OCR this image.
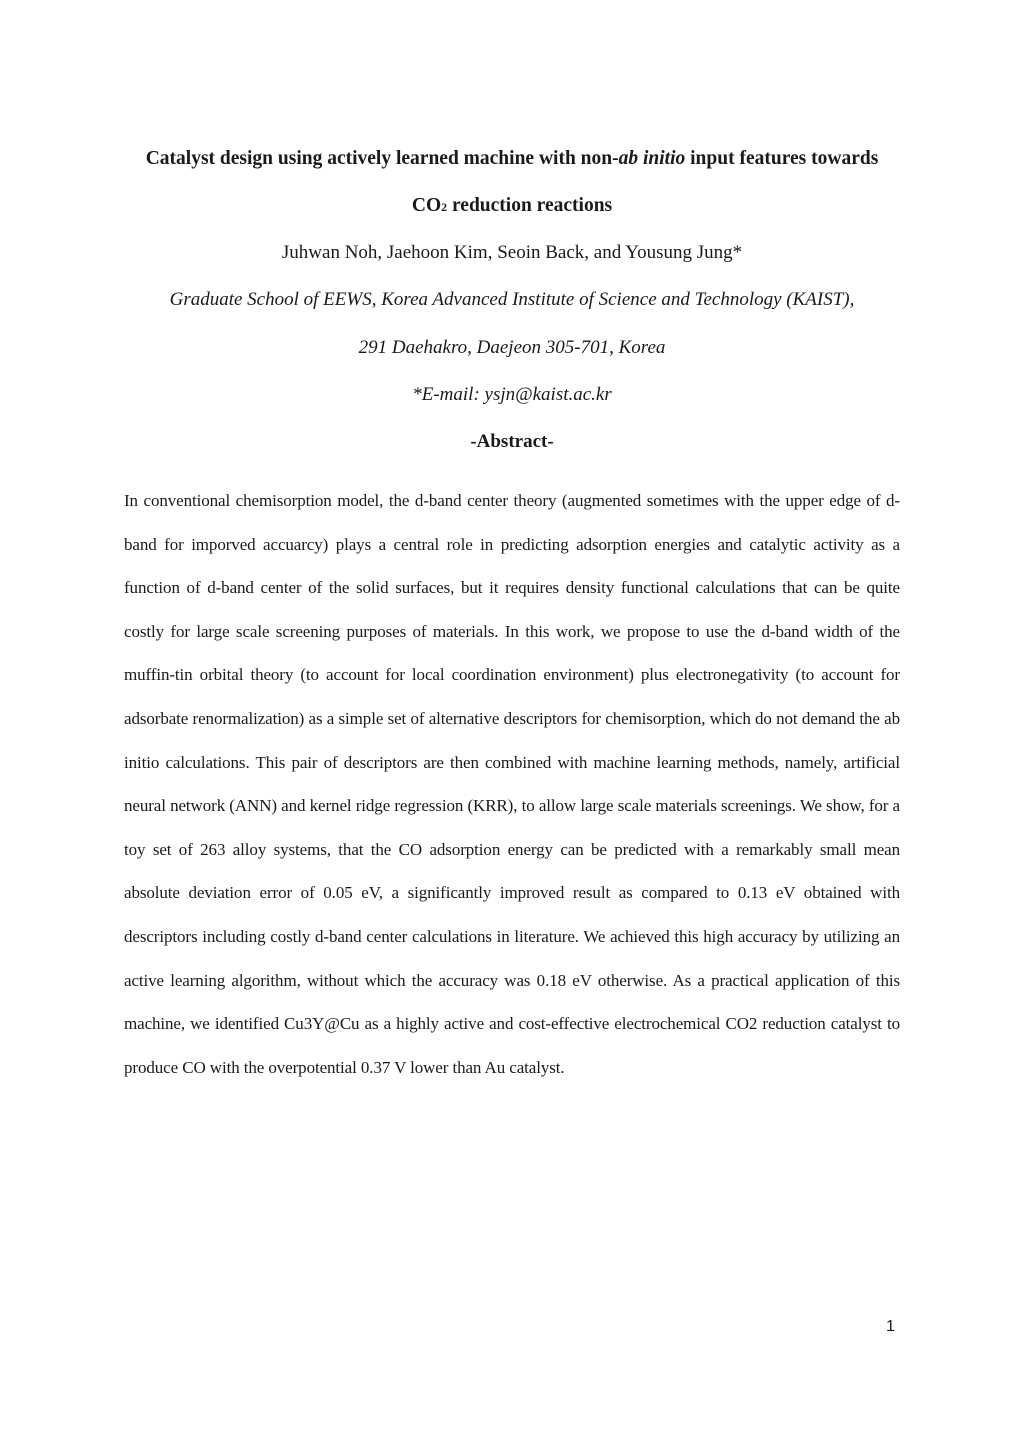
Catalyst design using actively learned machine with non-ab initio input features towards
CO2 reduction reactions
Juhwan Noh, Jaehoon Kim, Seoin Back, and Yousung Jung*
Graduate School of EEWS, Korea Advanced Institute of Science and Technology (KAIST),
291 Daehakro, Daejeon 305-701, Korea
*E-mail: ysjn@kaist.ac.kr
-Abstract-
In conventional chemisorption model, the d-band center theory (augmented sometimes with the upper edge of d-band for imporved accuarcy) plays a central role in predicting adsorption energies and catalytic activity as a function of d-band center of the solid surfaces, but it requires density functional calculations that can be quite costly for large scale screening purposes of materials. In this work, we propose to use the d-band width of the muffin-tin orbital theory (to account for local coordination environment) plus electronegativity (to account for adsorbate renormalization) as a simple set of alternative descriptors for chemisorption, which do not demand the ab initio calculations. This pair of descriptors are then combined with machine learning methods, namely, artificial neural network (ANN) and kernel ridge regression (KRR), to allow large scale materials screenings. We show, for a toy set of 263 alloy systems, that the CO adsorption energy can be predicted with a remarkably small mean absolute deviation error of 0.05 eV, a significantly improved result as compared to 0.13 eV obtained with descriptors including costly d-band center calculations in literature. We achieved this high accuracy by utilizing an active learning algorithm, without which the accuracy was 0.18 eV otherwise. As a practical application of this machine, we identified Cu3Y@Cu as a highly active and cost-effective electrochemical CO2 reduction catalyst to produce CO with the overpotential 0.37 V lower than Au catalyst.
1
